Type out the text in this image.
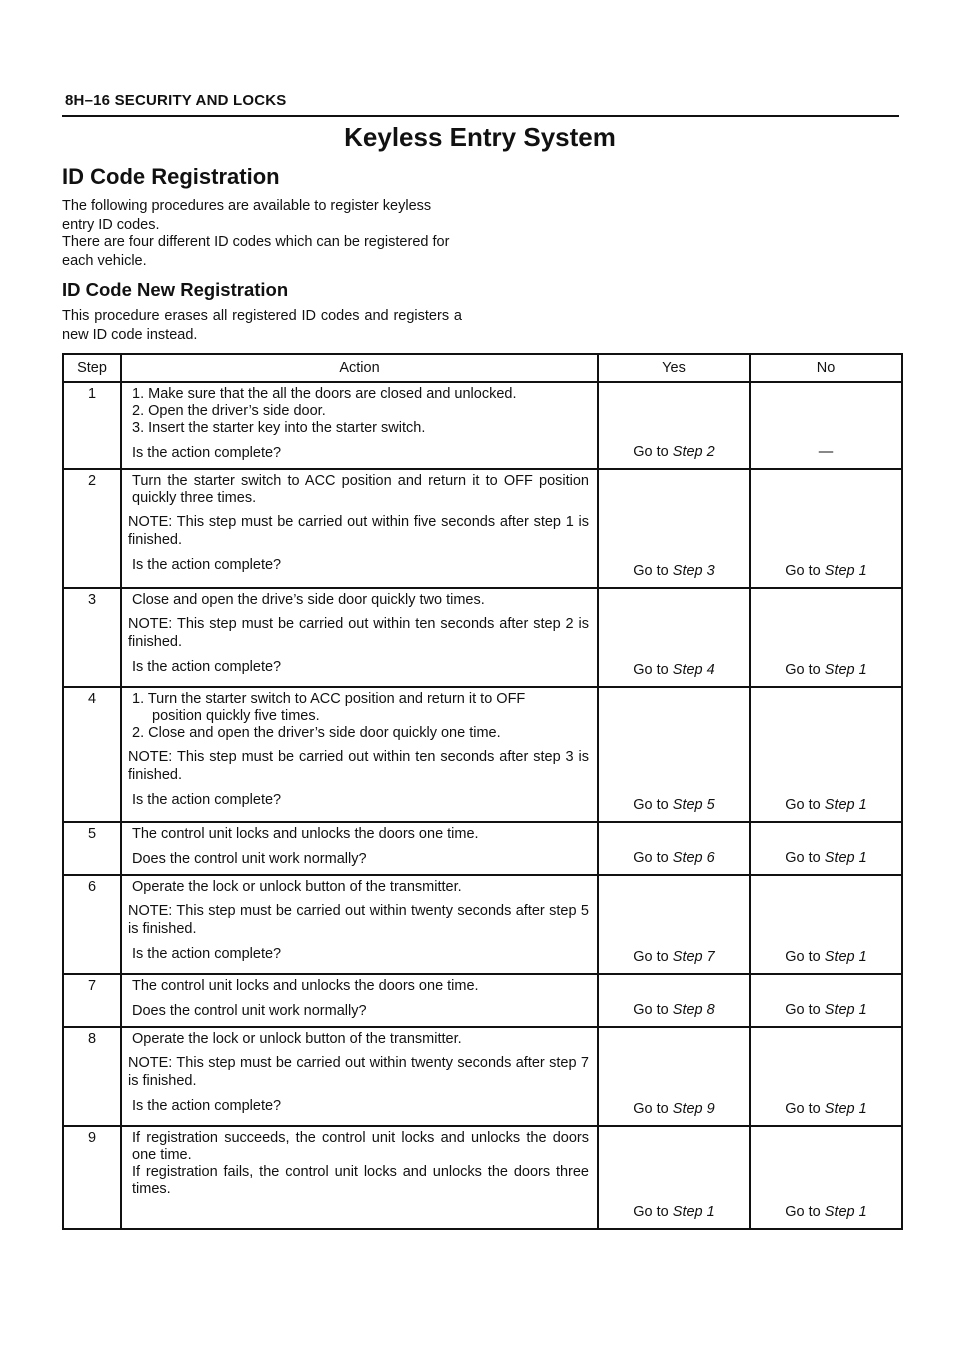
8H–16 SECURITY AND LOCKS
Keyless Entry System
ID Code Registration
The following procedures are available to register keyless entry ID codes.
There are four different ID codes which can be registered for each vehicle.
ID Code New Registration
This procedure erases all registered ID codes and registers a new ID code instead.
Step	Action	Yes	No
1	1. Make sure that the all the doors are closed and unlocked.
2. Open the driver’s side door.
3. Insert the starter key into the starter switch.
Is the action complete?	Go to Step 2	—
2	Turn the starter switch to ACC position and return it to OFF position quickly three times.
NOTE: This step must be carried out within five seconds after step 1 is finished.
Is the action complete?	Go to Step 3	Go to Step 1
3	Close and open the drive’s side door quickly two times.
NOTE: This step must be carried out within ten seconds after step 2 is finished.
Is the action complete?	Go to Step 4	Go to Step 1
4	1. Turn the starter switch to ACC position and return it to OFF
position quickly five times.
2. Close and open the driver’s side door quickly one time.
NOTE: This step must be carried out within ten seconds after step 3 is finished.
Is the action complete?	Go to Step 5	Go to Step 1
5	The control unit locks and unlocks the doors one time.
Does the control unit work normally?	Go to Step 6	Go to Step 1
6	Operate the lock or unlock button of the transmitter.
NOTE: This step must be carried out within twenty seconds after step 5 is finished.
Is the action complete?	Go to Step 7	Go to Step 1
7	The control unit locks and unlocks the doors one time.
Does the control unit work normally?	Go to Step 8	Go to Step 1
8	Operate the lock or unlock button of the transmitter.
NOTE: This step must be carried out within twenty seconds after step 7 is finished.
Is the action complete?	Go to Step 9	Go to Step 1
9	If registration succeeds, the control unit locks and unlocks the doors one time.
If registration fails, the control unit locks and unlocks the doors three times.	Go to Step 1	Go to Step 1
